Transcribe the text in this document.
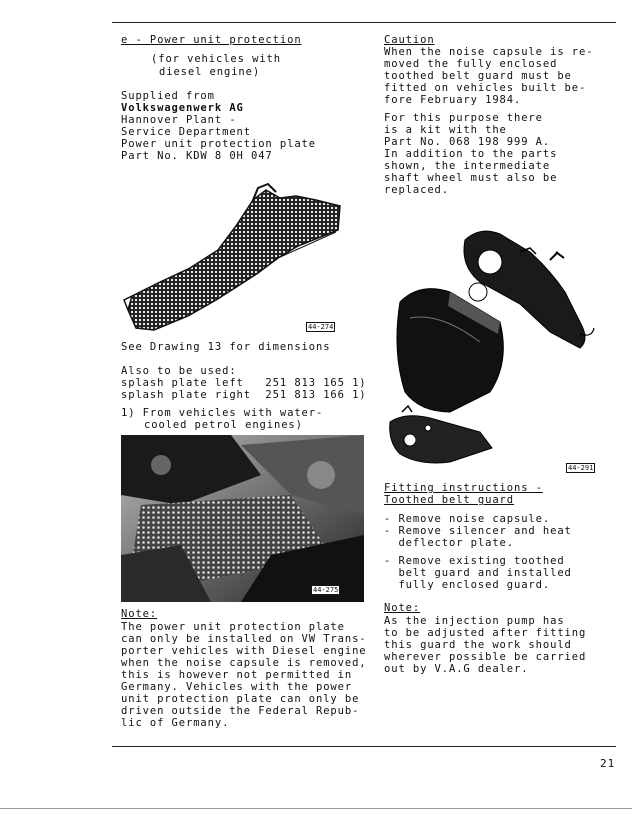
e - Power unit protection
(for vehicles with
diesel engine)
Supplied from
Volkswagenwerk AG
Hannover Plant -
Service Department
Power unit protection plate
Part No. KDW 8 0H 047
44-274
See Drawing 13 for dimensions
Also to be used:
splash plate left   251 813 165 1)
splash plate right  251 813 166 1)
1) From vehicles with water-
cooled petrol engines)
44-275
Note:
The power unit protection plate
can only be installed on VW Trans-
porter vehicles with Diesel engine
when the noise capsule is removed,
this is however not permitted in
Germany. Vehicles with the power
unit protection plate can only be
driven outside the Federal Repub-
lic of Germany.
Caution
When the noise capsule is re-
moved the fully enclosed
toothed belt guard must be
fitted on vehicles built be-
fore February 1984.
For this purpose there
is a kit with the
Part No. 068 198 999 A.
In addition to the parts
shown, the intermediate
shaft wheel must also be
replaced.
44-291
Fitting instructions -
Toothed belt guard
- Remove noise capsule.
- Remove silencer and heat
deflector plate.
- Remove existing toothed
belt guard and installed
fully enclosed guard.
Note:
As the injection pump has
to be adjusted after fitting
this guard the work should
wherever possible be carried
out by V.A.G dealer.
21
